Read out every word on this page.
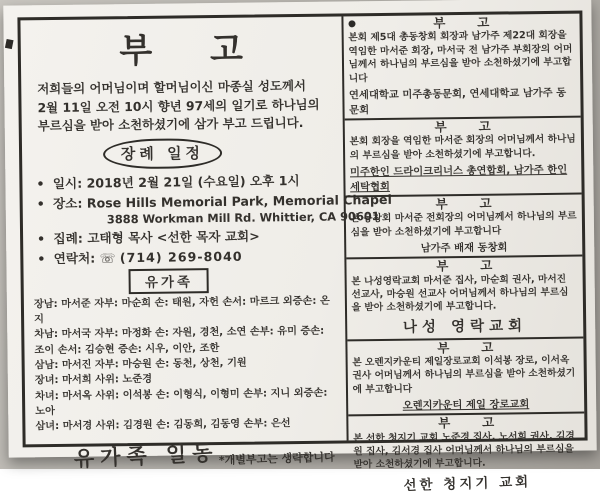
부고
저희들의 어머님이며 할머님이신 마종실 성도께서
2월 11일 오전 10시 향년 97세의 일기로 하나님의
부르심을 받아 소천하셨기에 삼가 부고 드립니다.
장례 일정
• 일시: 2018년 2월 21일 (수요일) 오후 1시
• 장소: Rose Hills Memorial Park, Memorial Chapel
3888 Workman Mill Rd. Whittier, CA 90601
• 집례: 고태형 목사 <선한 목자 교회>
• 연락처: ☏ (714) 269-8040
유가족
장남: 마서준 자부: 마순희 손: 태원, 자헌 손서: 마르크 외증손: 온지
차남: 마서국 자부: 마정화 손: 자원, 경천, 소연 손부: 유미 증손: 조이 손서: 김승현 증손: 시우, 이안, 조한
삼남: 마서진 자부: 마승원 손: 동천, 상천, 기원
장녀: 마서희 사위: 노준경
차녀: 마서옥 사위: 이석봉 손: 이형식, 이형미 손부: 지니 외증손: 노아
삼녀: 마서경 사위: 김경원 손: 김동희, 김동영 손부: 은선
유가족 일동 *개별부고는 생략합니다
부 고
본회 제5대 총동창회 회장과 남가주 제22대 회장을 역임한 마서준 회장, 마서국 전 남가주 부회장의 어머님께서 하나님의 부르심을 받아 소천하셨기에 부고합니다
연세대학교 미주총동문회, 연세대학교 남가주 동문회
부 고
본회 회장을 역임한 마서준 회장의 어머님께서 하나님의 부르심을 받아 소천하셨기에 부고합니다.
미주한인 드라이크리너스 총연합회, 남가주 한인세탁협회
부 고
본 동창회 마서준 전회장의 어머님께서 하나님의 부르심을 받아 소천하셨기에 부고합니다
남가주 배재 동창회
부 고
본 나성영락교회 마서준 집사, 마순희 권사, 마서진 선교사, 마승원 선교사 어머님께서 하나님의 부르심을 받아 소천하셨기에 부고합니다.
나성 영락교회
부 고
본 오렌지카운티 제일장로교회 이석봉 장로, 이서옥 권사 어머님께서 하나님의 부르심을 받아 소천하셨기에 부고합니다
오렌지카운티 제일 장로교회
부 고
본 선한 청지기 교회 노준경 집사, 노서희 권사, 김경원 집사, 김서경 집사 어머님께서 하나님의 부르심을 받아 소천하셨기에 부고합니다.
선한 청지기 교회
